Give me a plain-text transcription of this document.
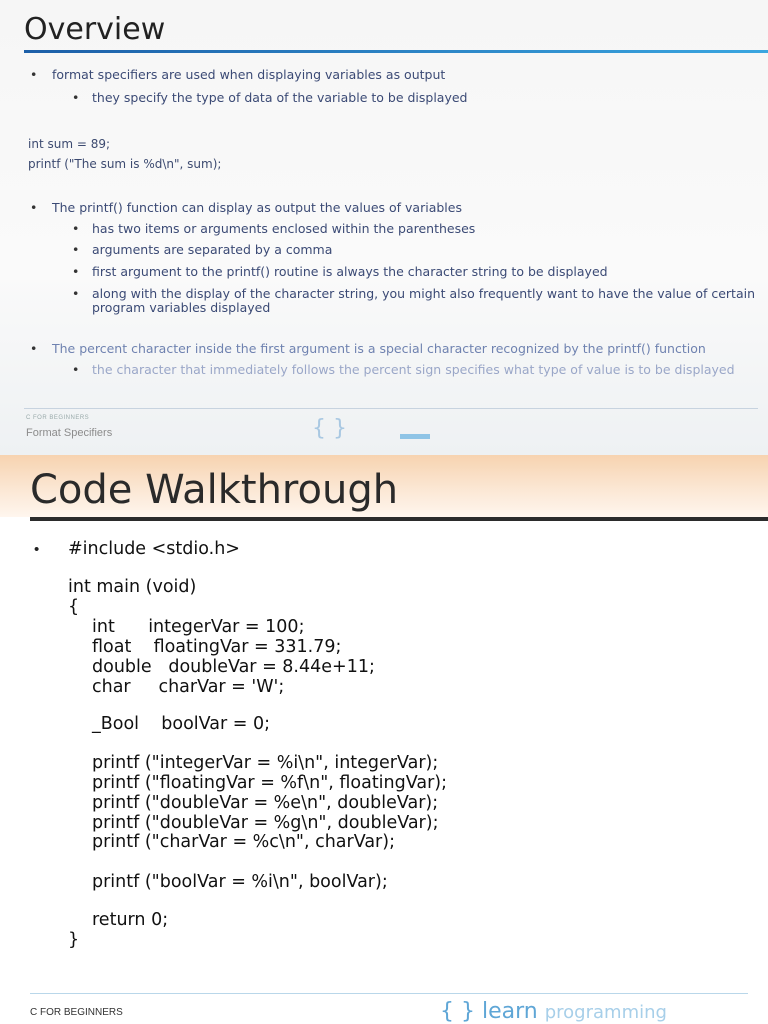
Overview
• format specifiers are used when displaying variables as output
• they specify the type of data of the variable to be displayed
int sum = 89;
printf ("The sum is %d\n", sum);
• The printf() function can display as output the values of variables
• has two items or arguments enclosed within the parentheses
• arguments are separated by a comma
• first argument to the printf() routine is always the character string to be displayed
• along with the display of the character string, you might also frequently want to have the value of certain
program variables displayed
• The percent character inside the first argument is a special character recognized by the printf() function
• the character that immediately follows the percent sign specifies what type of value is to be displayed
C FOR BEGINNERS
Format Specifiers	{ }
Code Walkthrough
• #include <stdio.h>
int main (void)
{
int      integerVar = 100;
float    floatingVar = 331.79;
double   doubleVar = 8.44e+11;
char     charVar = 'W';
_Bool    boolVar = 0;
printf ("integerVar = %i\n", integerVar);
printf ("floatingVar = %f\n", floatingVar);
printf ("doubleVar = %e\n", doubleVar);
printf ("doubleVar = %g\n", doubleVar);
printf ("charVar = %c\n", charVar);
printf ("boolVar = %i\n", boolVar);
return 0;
}
C FOR BEGINNERS	{ } learn programming
